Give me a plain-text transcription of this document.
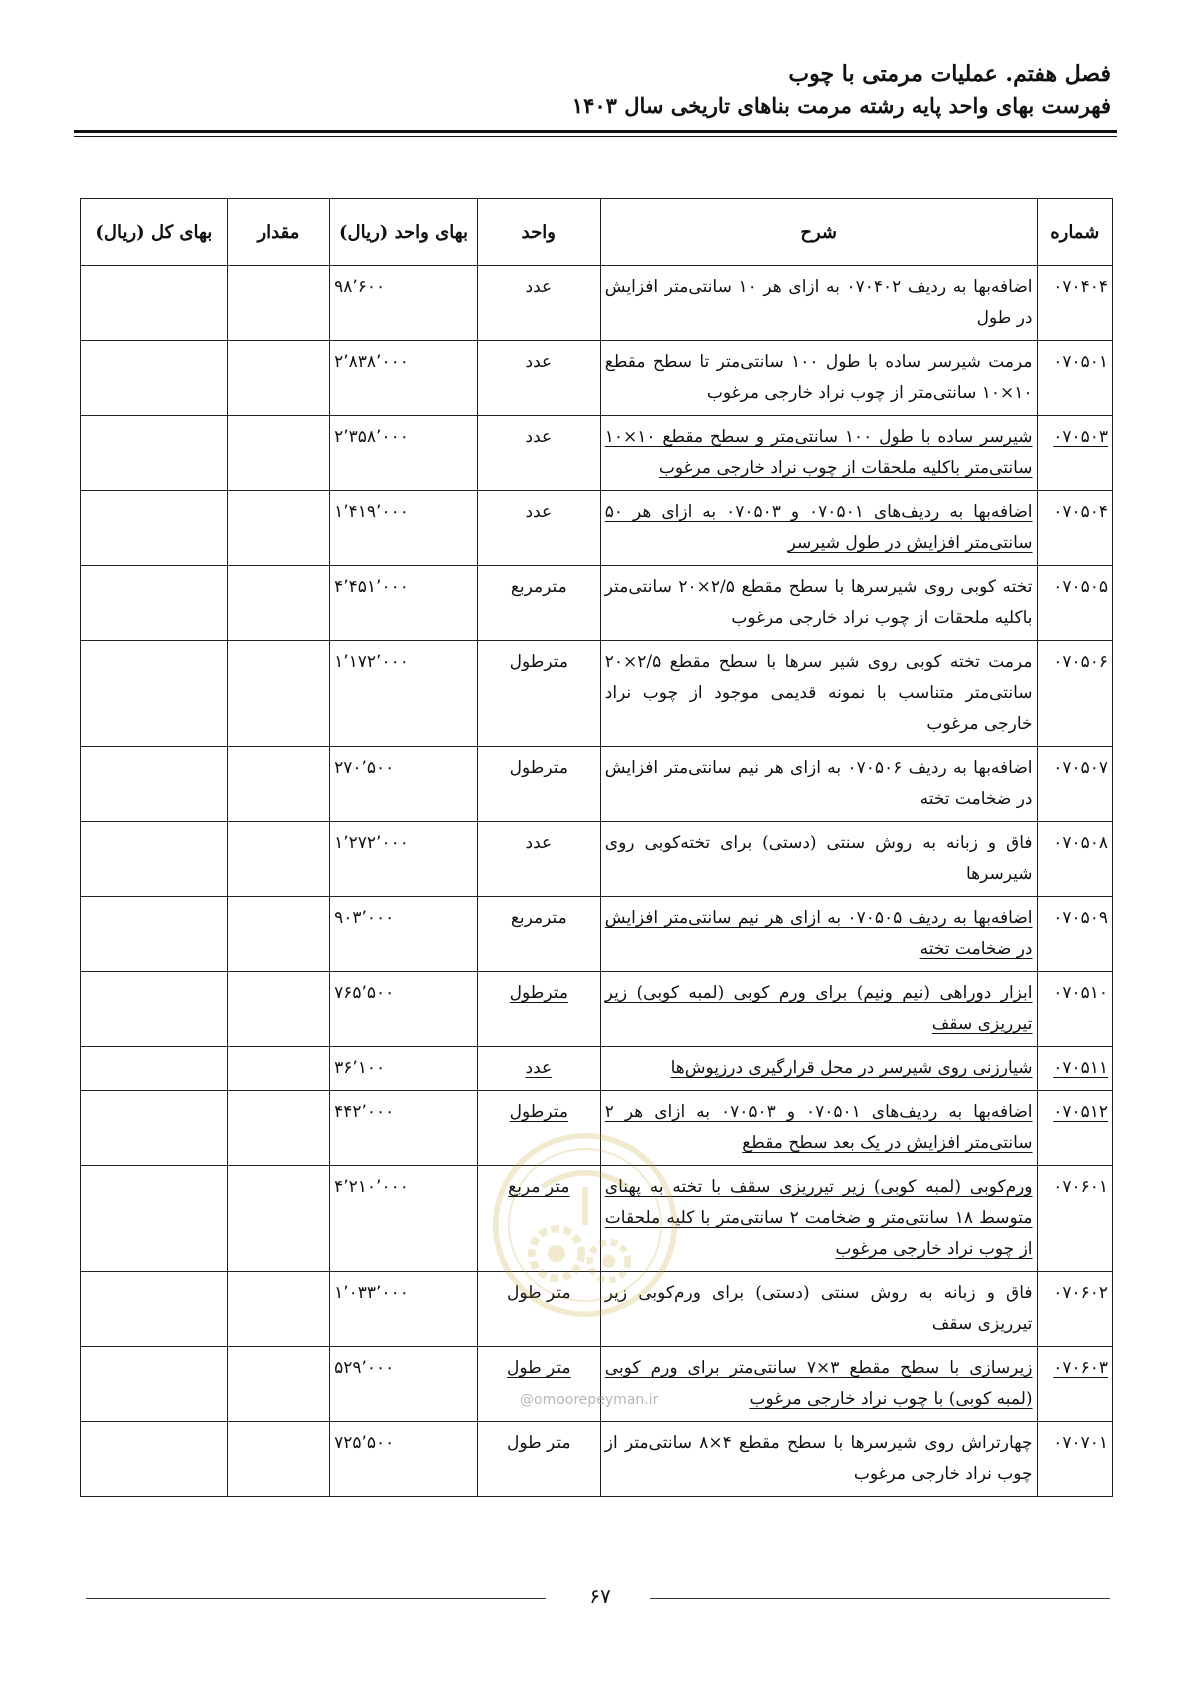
فصل هفتم. عملیات مرمتی با چوب
فهرست بهای واحد پایه رشته مرمت بناهای تاریخی سال ۱۴۰۳
شماره	شرح	واحد	بهای واحد (ریال)	مقدار	بهای کل (ریال)
۰۷۰۴۰۴	اضافه‌بها به ردیف ۰۷۰۴۰۲ به ازای هر ۱۰ سانتی‌متر افزایش در طول	عدد	۹۸٬۶۰۰		
۰۷۰۵۰۱	مرمت شیرسر ساده با طول ۱۰۰ سانتی‌متر تا سطح مقطع ۱۰×۱۰ سانتی‌متر از چوب نراد خارجی مرغوب	عدد	۲٬۸۳۸٬۰۰۰		
۰۷۰۵۰۳	شیرسر ساده با طول ۱۰۰ سانتی‌متر و سطح مقطع ۱۰×۱۰ سانتی‌متر باکلیه ملحقات از چوب نراد خارجی مرغوب	عدد	۲٬۳۵۸٬۰۰۰		
۰۷۰۵۰۴	اضافه‌بها به ردیف‌های ۰۷۰۵۰۱ و ۰۷۰۵۰۳ به ازای هر ۵۰ سانتی‌متر افزایش در طول شیرسر	عدد	۱٬۴۱۹٬۰۰۰		
۰۷۰۵۰۵	تخته کوبی روی شیرسرها با سطح مقطع ۲/۵×۲۰ سانتی‌متر باکلیه ملحقات از چوب نراد خارجی مرغوب	مترمربع	۴٬۴۵۱٬۰۰۰		
۰۷۰۵۰۶	مرمت تخته کوبی روی شیر سرها با سطح مقطع ۲/۵×۲۰ سانتی‌متر متناسب با نمونه قدیمی موجود از چوب نراد خارجی مرغوب	مترطول	۱٬۱۷۲٬۰۰۰		
۰۷۰۵۰۷	اضافه‌بها به ردیف ۰۷۰۵۰۶ به ازای هر نیم سانتی‌متر افزایش در ضخامت تخته	مترطول	۲۷۰٬۵۰۰		
۰۷۰۵۰۸	فاق و زبانه به روش سنتی (دستی) برای تخته‌کوبی روی شیرسرها	عدد	۱٬۲۷۲٬۰۰۰		
۰۷۰۵۰۹	اضافه‌بها به ردیف ۰۷۰۵۰۵ به ازای هر نیم سانتی‌متر افزایش در ضخامت تخته	مترمربع	۹۰۳٬۰۰۰		
۰۷۰۵۱۰	ابزار دوراهی (نیم ونیم) برای ورم کوبی (لمبه کوبی) زیر تیرریزی سقف	مترطول	۷۶۵٬۵۰۰		
۰۷۰۵۱۱	شیارزنی روی شیرسر در محل قرارگیری درزپوش‌ها	عدد	۳۶٬۱۰۰		
۰۷۰۵۱۲	اضافه‌بها به ردیف‌های ۰۷۰۵۰۱ و ۰۷۰۵۰۳ به ازای هر ۲ سانتی‌متر افزایش در یک بعد سطح مقطع	مترطول	۴۴۲٬۰۰۰		
۰۷۰۶۰۱	ورم‌کوبی (لمبه کوبی) زیر تیرریزی سقف با تخته به پهنای متوسط ۱۸ سانتی‌متر و ضخامت ۲ سانتی‌متر با کلیه ملحقات از چوب نراد خارجی مرغوب	متر مربع	۴٬۲۱۰٬۰۰۰		
۰۷۰۶۰۲	فاق و زبانه به روش سنتی (دستی) برای ورم‌کوبی زیر تیرریزی سقف	متر طول	۱٬۰۳۳٬۰۰۰		
۰۷۰۶۰۳	زیرسازی با سطح مقطع ۳×۷ سانتی‌متر برای ورم کوبی (لمبه کوبی) با چوب نراد خارجی مرغوب	متر طول	۵۲۹٬۰۰۰		
۰۷۰۷۰۱	چهارتراش روی شیرسرها با سطح مقطع ۴×۸ سانتی‌متر از چوب نراد خارجی مرغوب	متر طول	۷۲۵٬۵۰۰		
@omoorepeyman.ir
۶۷
